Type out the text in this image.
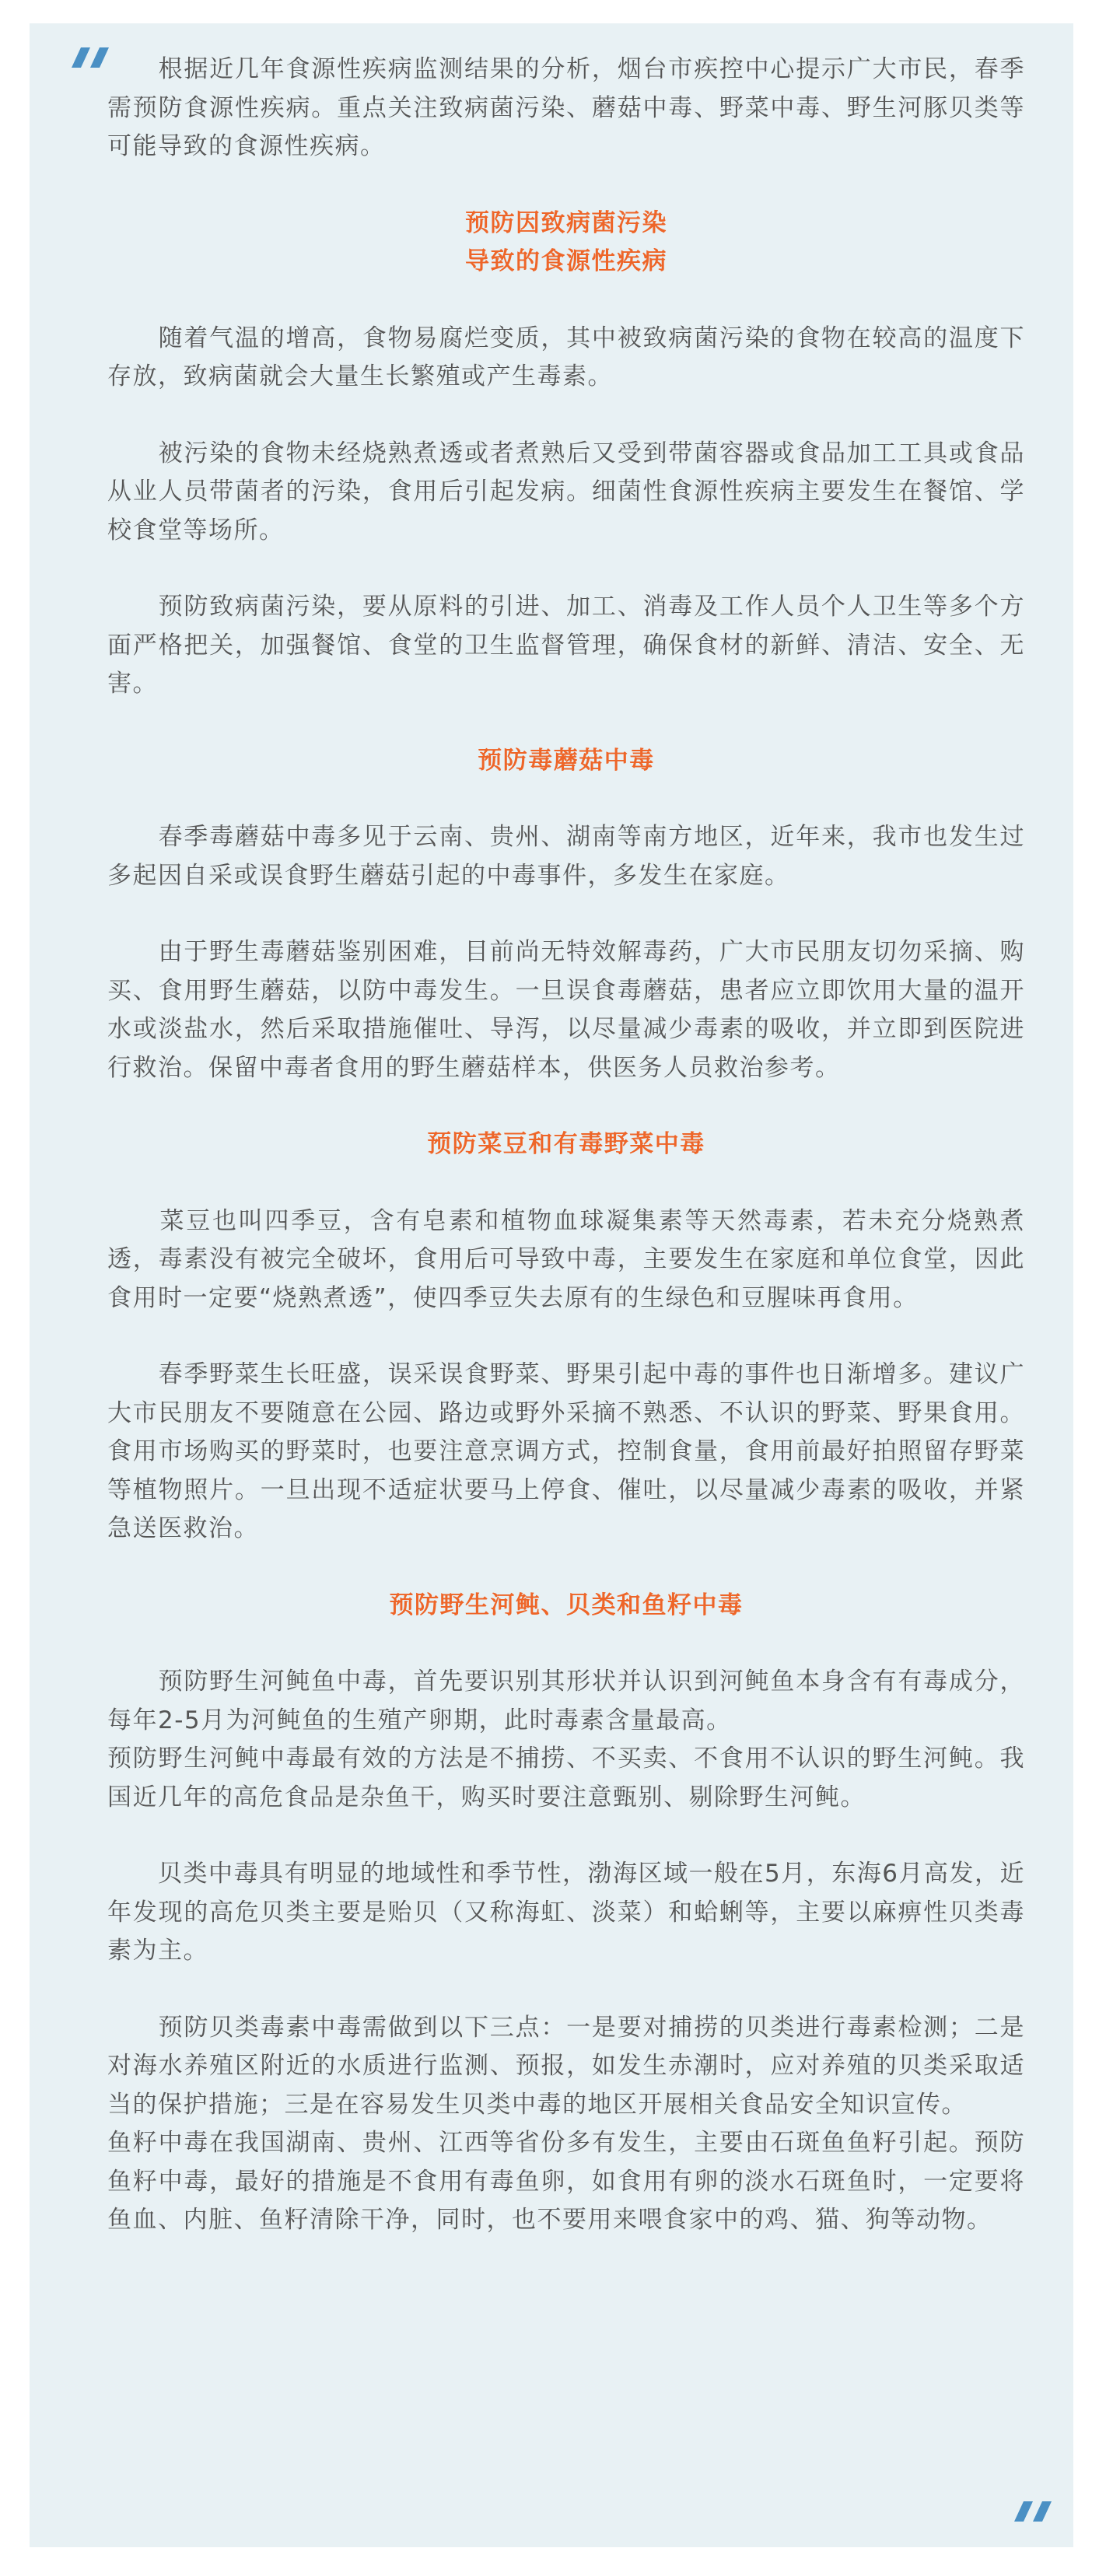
　　根据近几年食源性疾病监测结果的分析，烟台市疾控中心提示广大市民，春季需预防食源性疾病。重点关注致病菌污染、蘑菇中毒、野菜中毒、野生河豚贝类等可能导致的食源性疾病。

预防因致病菌污染
导致的食源性疾病

　　随着气温的增高，食物易腐烂变质，其中被致病菌污染的食物在较高的温度下存放，致病菌就会大量生长繁殖或产生毒素。

　　被污染的食物未经烧熟煮透或者煮熟后又受到带菌容器或食品加工工具或食品从业人员带菌者的污染，食用后引起发病。细菌性食源性疾病主要发生在餐馆、学校食堂等场所。

　　预防致病菌污染，要从原料的引进、加工、消毒及工作人员个人卫生等多个方面严格把关，加强餐馆、食堂的卫生监督管理，确保食材的新鲜、清洁、安全、无害。

预防毒蘑菇中毒

　　春季毒蘑菇中毒多见于云南、贵州、湖南等南方地区，近年来，我市也发生过多起因自采或误食野生蘑菇引起的中毒事件，多发生在家庭。

　　由于野生毒蘑菇鉴别困难，目前尚无特效解毒药，广大市民朋友切勿采摘、购买、食用野生蘑菇，以防中毒发生。一旦误食毒蘑菇，患者应立即饮用大量的温开水或淡盐水，然后采取措施催吐、导泻，以尽量减少毒素的吸收，并立即到医院进行救治。保留中毒者食用的野生蘑菇样本，供医务人员救治参考。

预防菜豆和有毒野菜中毒

　　菜豆也叫四季豆，含有皂素和植物血球凝集素等天然毒素，若未充分烧熟煮透，毒素没有被完全破坏，食用后可导致中毒，主要发生在家庭和单位食堂，因此食用时一定要“烧熟煮透”，使四季豆失去原有的生绿色和豆腥味再食用。

　　春季野菜生长旺盛，误采误食野菜、野果引起中毒的事件也日渐增多。建议广大市民朋友不要随意在公园、路边或野外采摘不熟悉、不认识的野菜、野果食用。食用市场购买的野菜时，也要注意烹调方式，控制食量，食用前最好拍照留存野菜等植物照片。一旦出现不适症状要马上停食、催吐，以尽量减少毒素的吸收，并紧急送医救治。

预防野生河鲀、贝类和鱼籽中毒

　　预防野生河鲀鱼中毒，首先要识别其形状并认识到河鲀鱼本身含有有毒成分，每年2-5月为河鲀鱼的生殖产卵期，此时毒素含量最高。

预防野生河鲀中毒最有效的方法是不捕捞、不买卖、不食用不认识的野生河鲀。我国近几年的高危食品是杂鱼干，购买时要注意甄别、剔除野生河鲀。

　　贝类中毒具有明显的地域性和季节性，渤海区域一般在5月，东海6月高发，近年发现的高危贝类主要是贻贝（又称海虹、淡菜）和蛤蜊等，主要以麻痹性贝类毒素为主。

　　预防贝类毒素中毒需做到以下三点：一是要对捕捞的贝类进行毒素检测；二是对海水养殖区附近的水质进行监测、预报，如发生赤潮时，应对养殖的贝类采取适当的保护措施；三是在容易发生贝类中毒的地区开展相关食品安全知识宣传。

鱼籽中毒在我国湖南、贵州、江西等省份多有发生，主要由石斑鱼鱼籽引起。预防鱼籽中毒，最好的措施是不食用有毒鱼卵，如食用有卵的淡水石斑鱼时，一定要将鱼血、内脏、鱼籽清除干净，同时，也不要用来喂食家中的鸡、猫、狗等动物。
